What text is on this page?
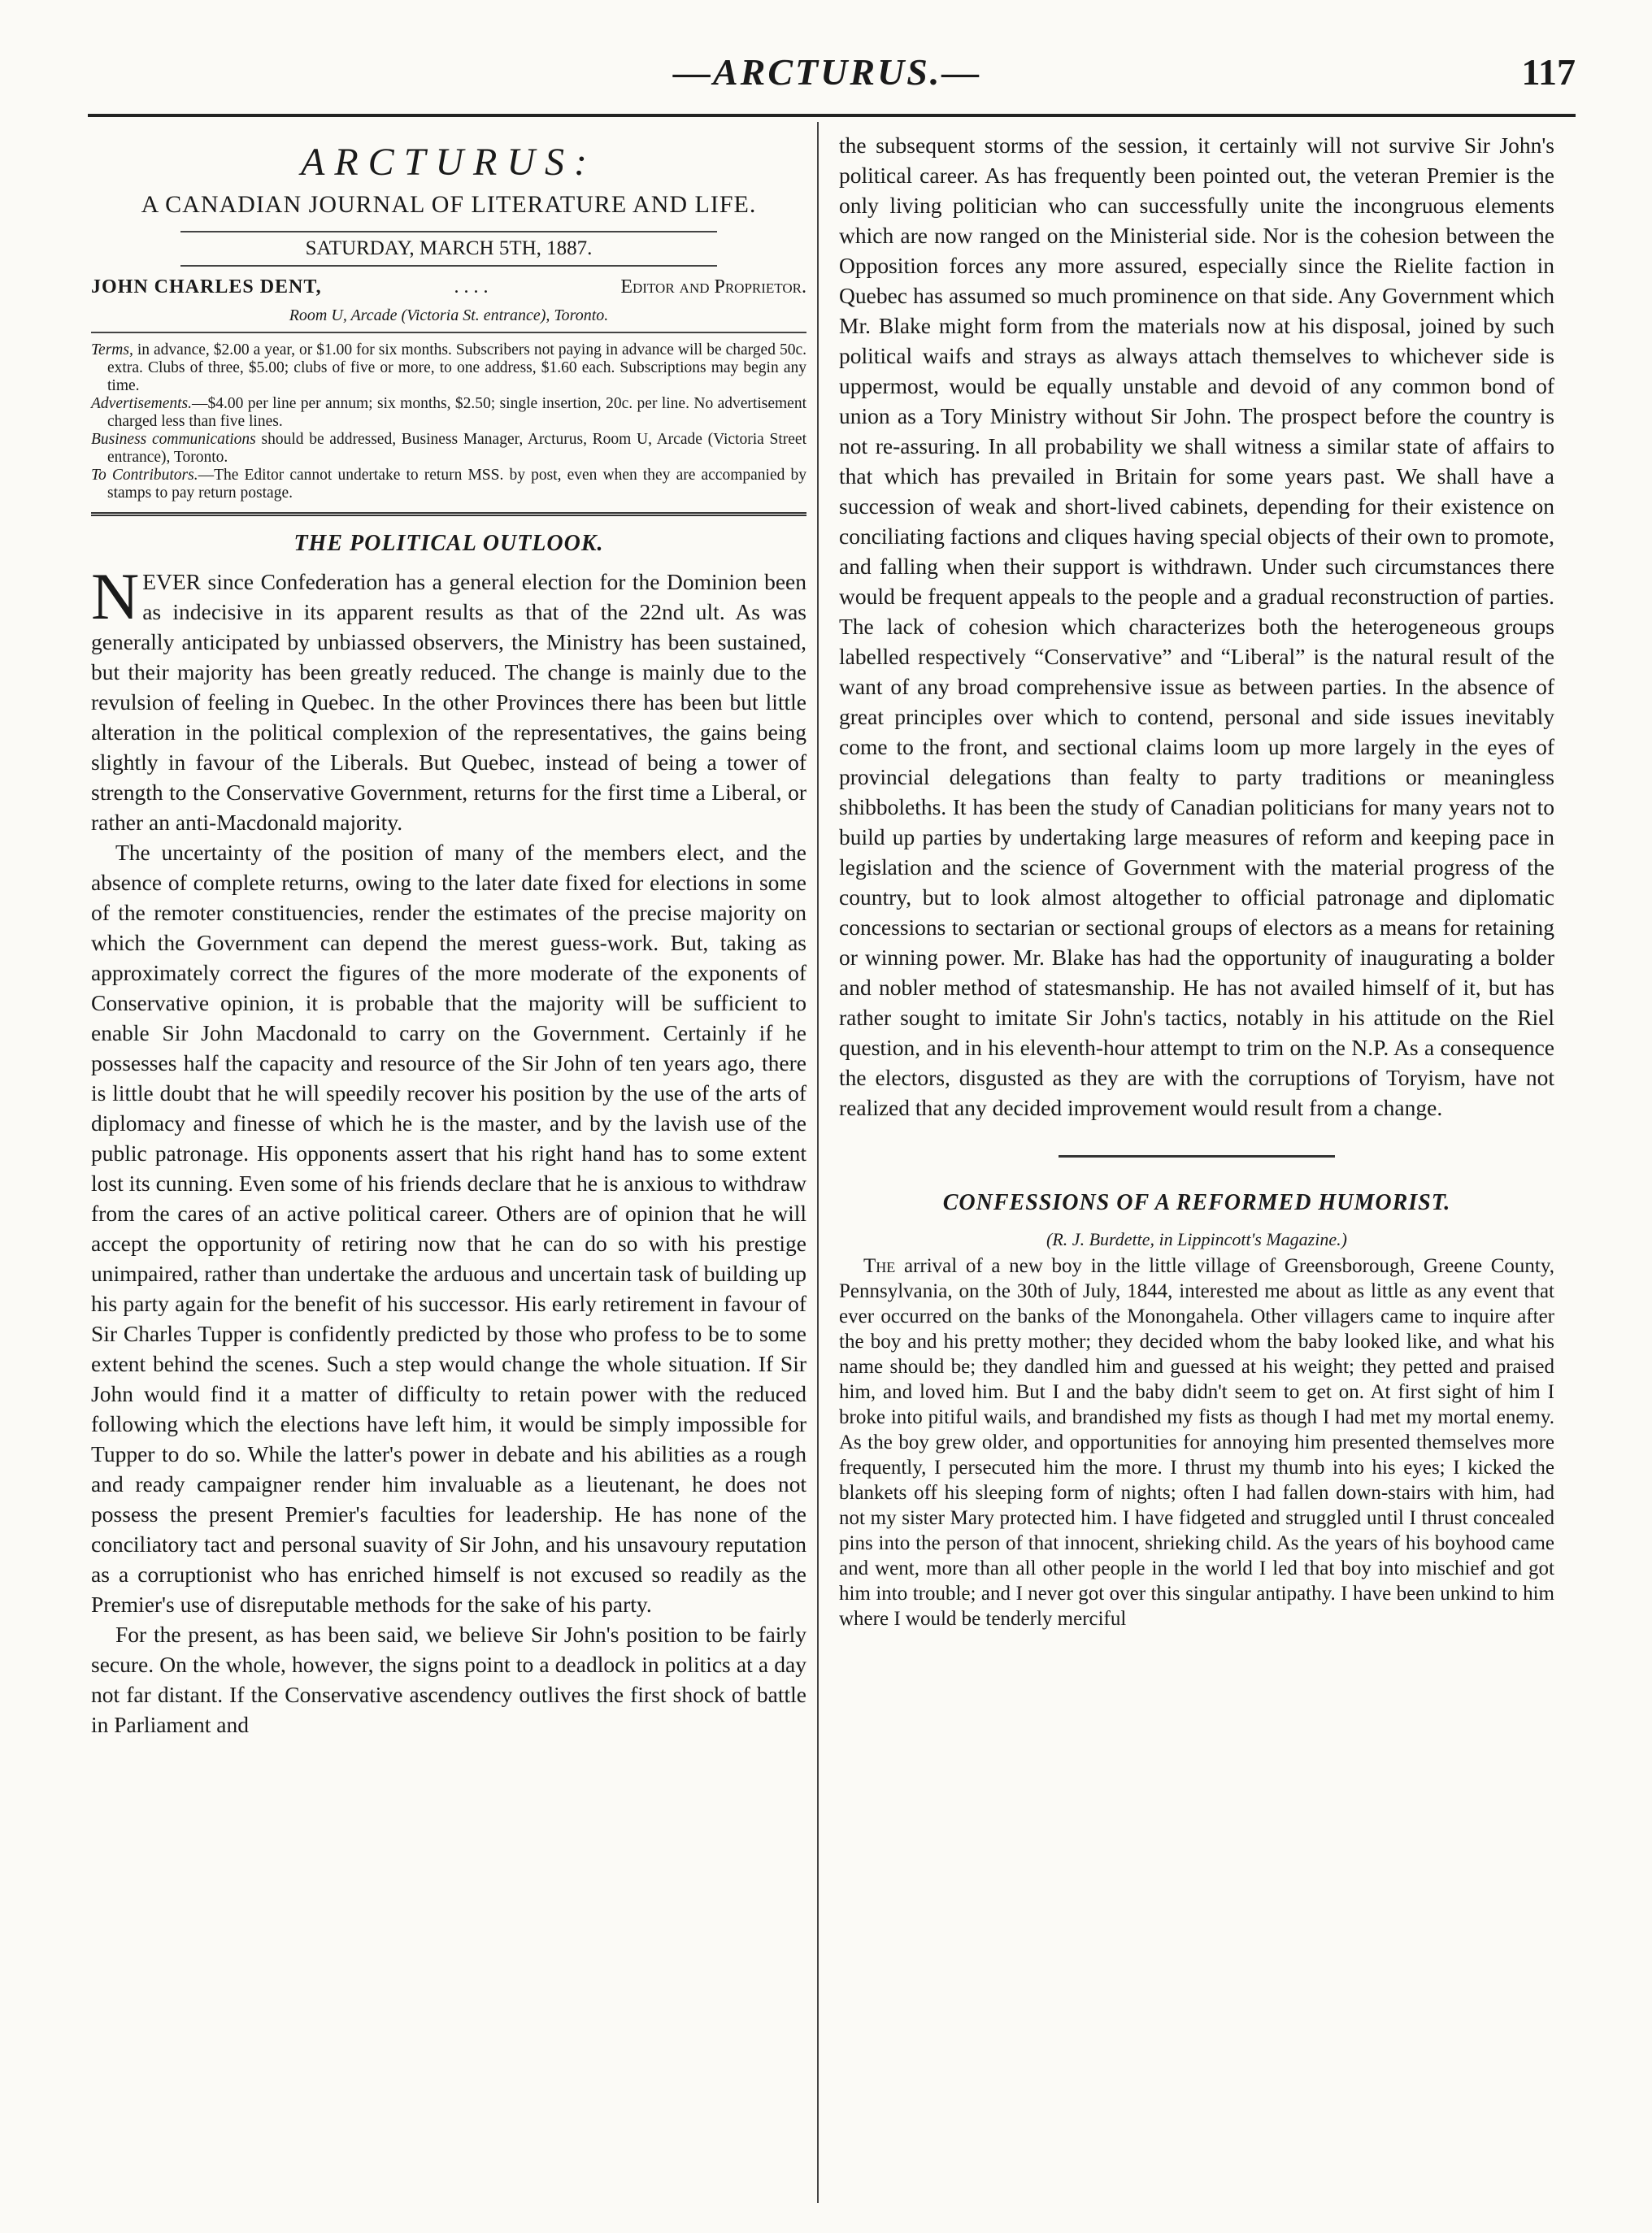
—ARCTURUS.—	117
ARCTURUS:
A CANADIAN JOURNAL OF LITERATURE AND LIFE.
SATURDAY, MARCH 5TH, 1887.
JOHN CHARLES DENT,	. . . .	Editor and Proprietor.
Room U, Arcade (Victoria St. entrance), Toronto.

Terms, in advance, $2.00 a year, or $1.00 for six months. Subscribers not paying in advance will be charged 50c. extra. Clubs of three, $5.00; clubs of five or more, to one address, $1.60 each. Subscriptions may begin any time.

Advertisements.—$4.00 per line per annum; six months, $2.50; single insertion, 20c. per line. No advertisement charged less than five lines.

Business communications should be addressed, Business Manager, Arcturus, Room U, Arcade (Victoria Street entrance), Toronto.

To Contributors.—The Editor cannot undertake to return MSS. by post, even when they are accompanied by stamps to pay return postage.

THE POLITICAL OUTLOOK.

NEVER since Confederation has a general election for the Dominion been as indecisive in its apparent results as that of the 22nd ult. As was generally anticipated by unbiassed observers, the Ministry has been sustained, but their majority has been greatly reduced. The change is mainly due to the revulsion of feeling in Quebec. In the other Provinces there has been but little alteration in the political complexion of the representatives, the gains being slightly in favour of the Liberals. But Quebec, instead of being a tower of strength to the Conservative Government, returns for the first time a Liberal, or rather an anti-Macdonald majority.

The uncertainty of the position of many of the members elect, and the absence of complete returns, owing to the later date fixed for elections in some of the remoter constituencies, render the estimates of the precise majority on which the Government can depend the merest guess-work. But, taking as approximately correct the figures of the more moderate of the exponents of Conservative opinion, it is probable that the majority will be sufficient to enable Sir John Macdonald to carry on the Government. Certainly if he possesses half the capacity and resource of the Sir John of ten years ago, there is little doubt that he will speedily recover his position by the use of the arts of diplomacy and finesse of which he is the master, and by the lavish use of the public patronage. His opponents assert that his right hand has to some extent lost its cunning. Even some of his friends declare that he is anxious to withdraw from the cares of an active political career. Others are of opinion that he will accept the opportunity of retiring now that he can do so with his prestige unimpaired, rather than undertake the arduous and uncertain task of building up his party again for the benefit of his successor. His early retirement in favour of Sir Charles Tupper is confidently predicted by those who profess to be to some extent behind the scenes. Such a step would change the whole situation. If Sir John would find it a matter of difficulty to retain power with the reduced following which the elections have left him, it would be simply impossible for Tupper to do so. While the latter's power in debate and his abilities as a rough and ready campaigner render him invaluable as a lieutenant, he does not possess the present Premier's faculties for leadership. He has none of the conciliatory tact and personal suavity of Sir John, and his unsavoury reputation as a corruptionist who has enriched himself is not excused so readily as the Premier's use of disreputable methods for the sake of his party.

For the present, as has been said, we believe Sir John's position to be fairly secure. On the whole, however, the signs point to a deadlock in politics at a day not far distant. If the Conservative ascendency outlives the first shock of battle in Parliament and

the subsequent storms of the session, it certainly will not survive Sir John's political career. As has frequently been pointed out, the veteran Premier is the only living politician who can successfully unite the incongruous elements which are now ranged on the Ministerial side. Nor is the cohesion between the Opposition forces any more assured, especially since the Rielite faction in Quebec has assumed so much prominence on that side. Any Government which Mr. Blake might form from the materials now at his disposal, joined by such political waifs and strays as always attach themselves to whichever side is uppermost, would be equally unstable and devoid of any common bond of union as a Tory Ministry without Sir John. The prospect before the country is not re-assuring. In all probability we shall witness a similar state of affairs to that which has prevailed in Britain for some years past. We shall have a succession of weak and short-lived cabinets, depending for their existence on conciliating factions and cliques having special objects of their own to promote, and falling when their support is withdrawn. Under such circumstances there would be frequent appeals to the people and a gradual reconstruction of parties. The lack of cohesion which characterizes both the heterogeneous groups labelled respectively “Conservative” and “Liberal” is the natural result of the want of any broad comprehensive issue as between parties. In the absence of great principles over which to contend, personal and side issues inevitably come to the front, and sectional claims loom up more largely in the eyes of provincial delegations than fealty to party traditions or meaningless shibboleths. It has been the study of Canadian politicians for many years not to build up parties by undertaking large measures of reform and keeping pace in legislation and the science of Government with the material progress of the country, but to look almost altogether to official patronage and diplomatic concessions to sectarian or sectional groups of electors as a means for retaining or winning power. Mr. Blake has had the opportunity of inaugurating a bolder and nobler method of statesmanship. He has not availed himself of it, but has rather sought to imitate Sir John's tactics, notably in his attitude on the Riel question, and in his eleventh-hour attempt to trim on the N.P. As a consequence the electors, disgusted as they are with the corruptions of Toryism, have not realized that any decided improvement would result from a change.

CONFESSIONS OF A REFORMED HUMORIST.
(R. J. Burdette, in Lippincott's Magazine.)

The arrival of a new boy in the little village of Greensborough, Greene County, Pennsylvania, on the 30th of July, 1844, interested me about as little as any event that ever occurred on the banks of the Monongahela. Other villagers came to inquire after the boy and his pretty mother; they decided whom the baby looked like, and what his name should be; they dandled him and guessed at his weight; they petted and praised him, and loved him. But I and the baby didn't seem to get on. At first sight of him I broke into pitiful wails, and brandished my fists as though I had met my mortal enemy. As the boy grew older, and opportunities for annoying him presented themselves more frequently, I persecuted him the more. I thrust my thumb into his eyes; I kicked the blankets off his sleeping form of nights; often I had fallen down-stairs with him, had not my sister Mary protected him. I have fidgeted and struggled until I thrust concealed pins into the person of that innocent, shrieking child. As the years of his boyhood came and went, more than all other people in the world I led that boy into mischief and got him into trouble; and I never got over this singular antipathy. I have been unkind to him where I would be tenderly merciful
